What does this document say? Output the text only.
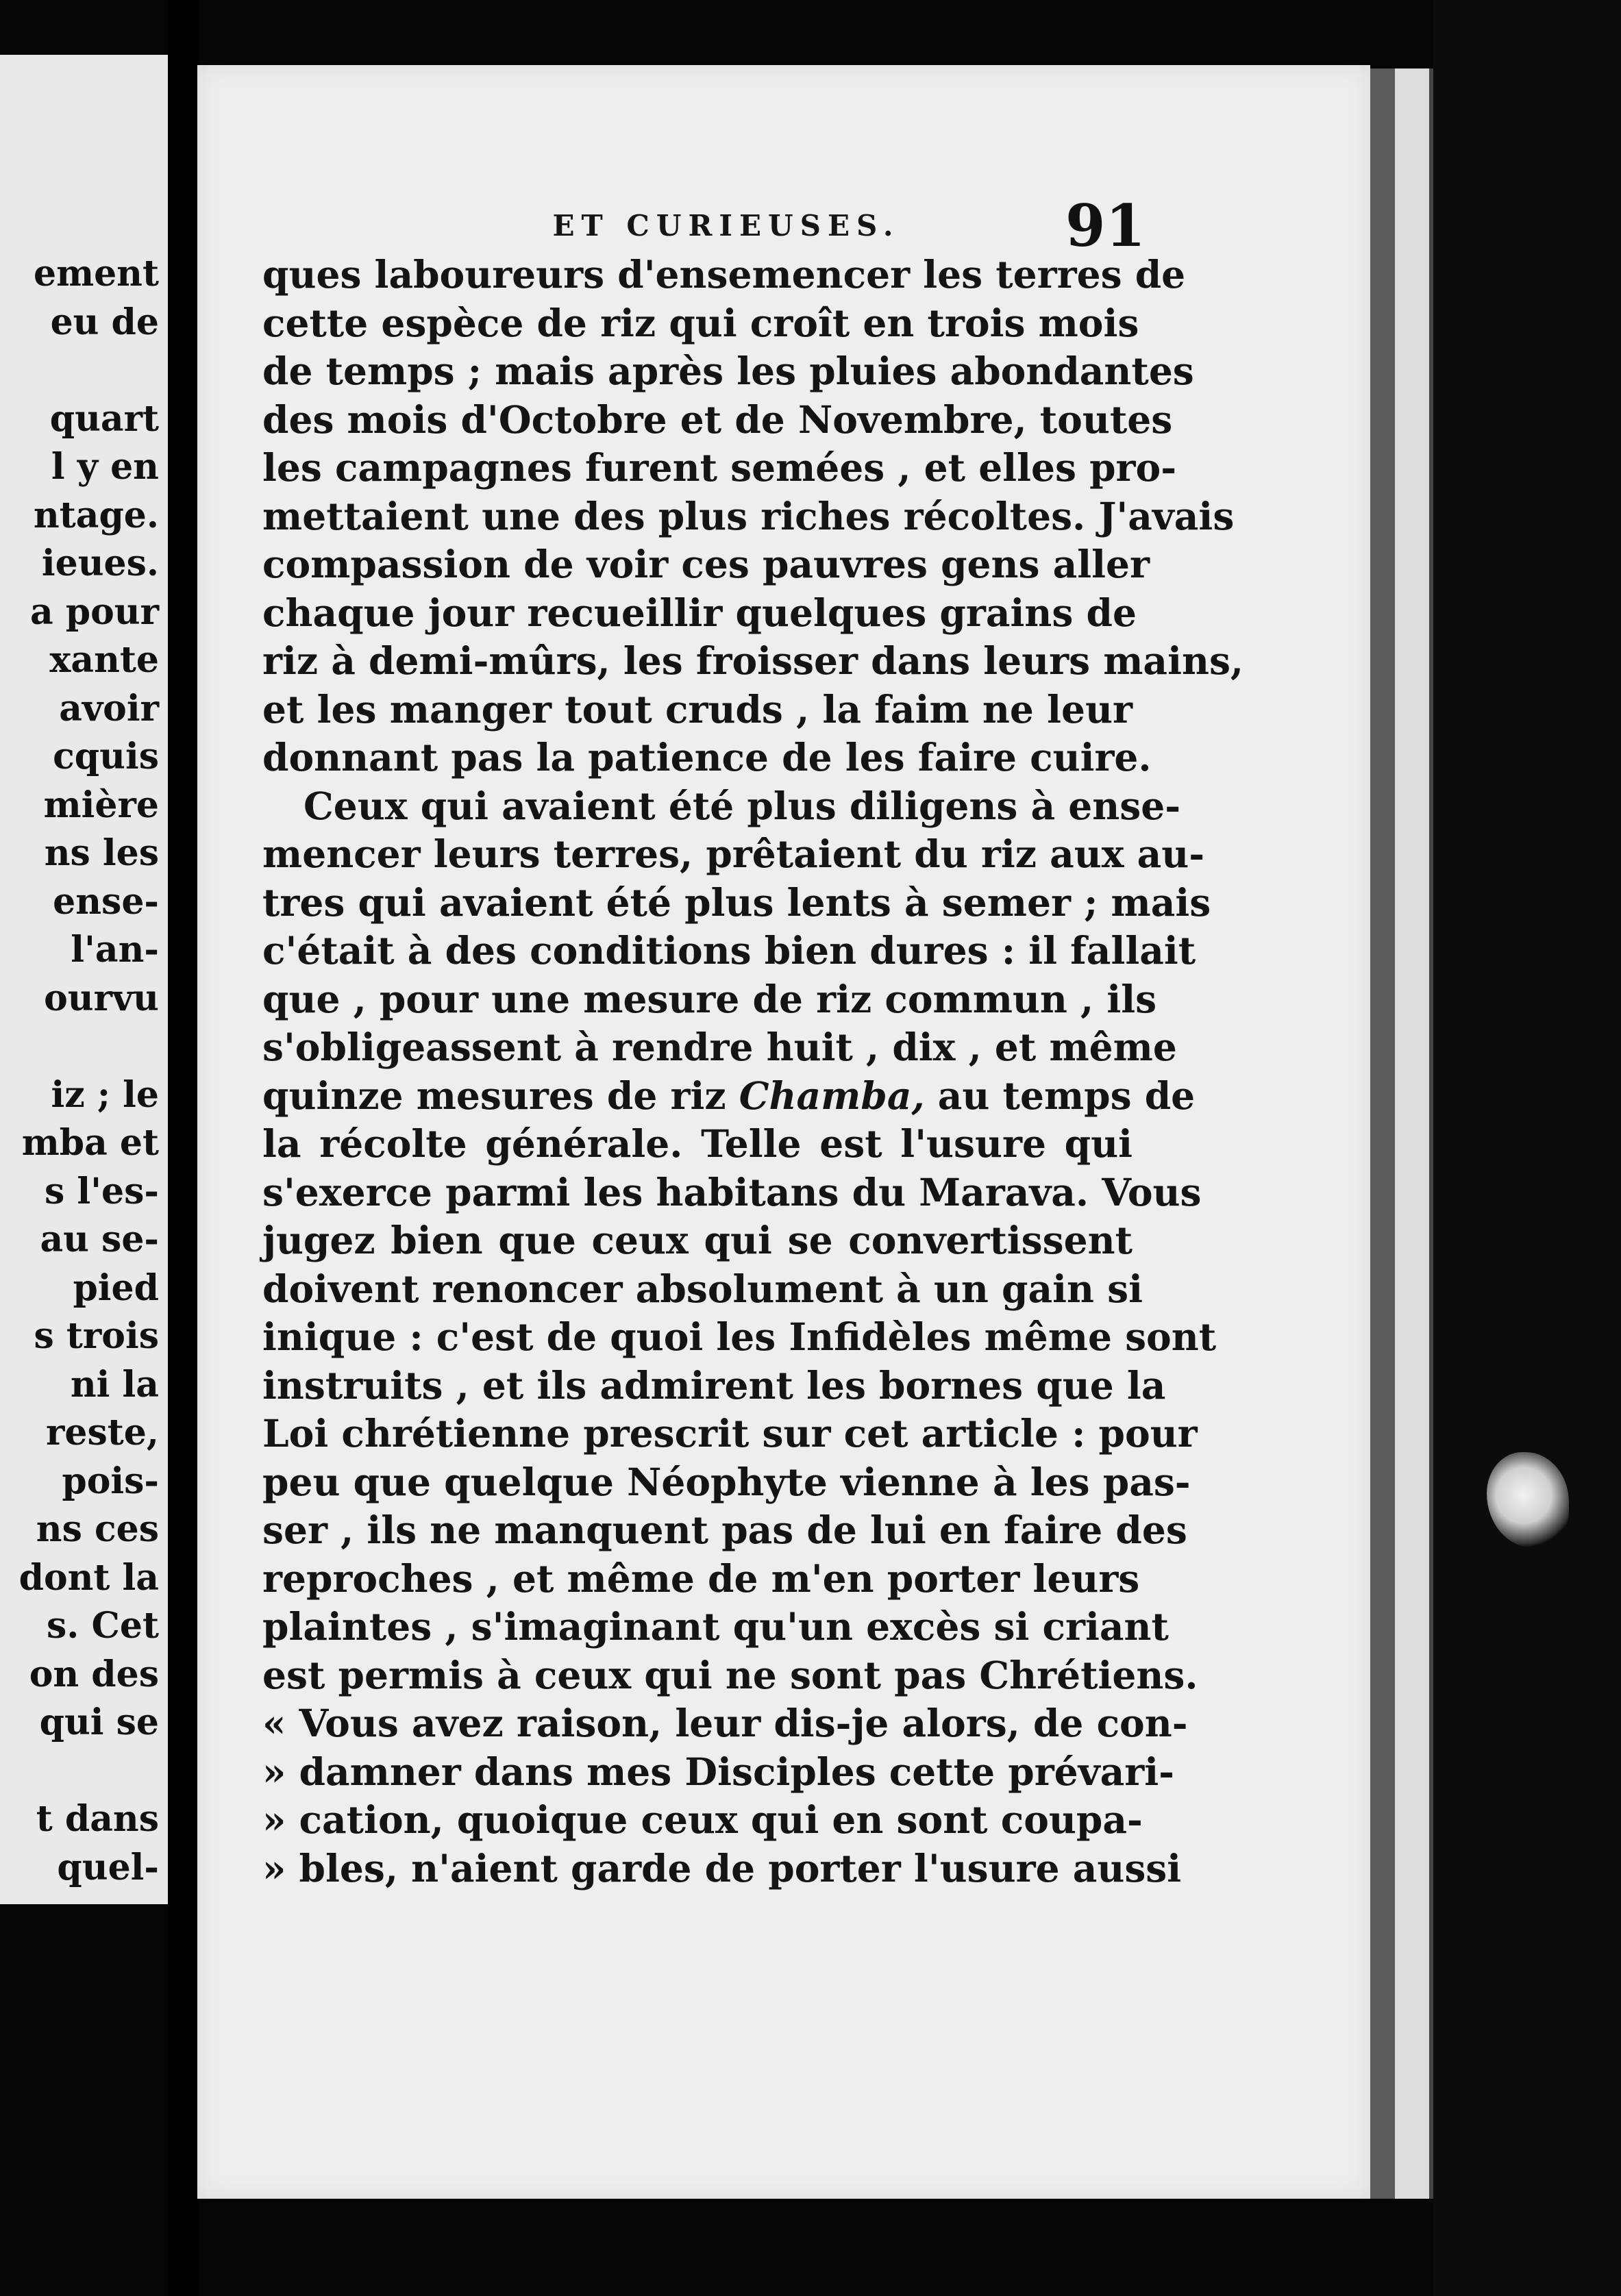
ement
eu de
quart
l y en
ntage.
ieues.
a pour
xante
avoir
cquis
mière
ns les
ense-
l'an-
ourvu
iz ; le
mba et
s l'es-
au se-
pied
s trois
ni la
reste,
pois-
ns ces
dont la
s. Cet
on des
qui se
t dans
quel-
ET CURIEUSES.	91
ques laboureurs d'ensemencer les terres de
cette espèce de riz qui croît en trois mois
de temps ; mais après les pluies abondantes
des mois d'Octobre et de Novembre, toutes
les campagnes furent semées , et elles pro-
mettaient une des plus riches récoltes. J'avais
compassion de voir ces pauvres gens aller
chaque jour recueillir quelques grains de
riz à demi-mûrs, les froisser dans leurs mains,
et les manger tout cruds , la faim ne leur
donnant pas la patience de les faire cuire.
Ceux qui avaient été plus diligens à ense-
mencer leurs terres, prêtaient du riz aux au-
tres qui avaient été plus lents à semer ; mais
c'était à des conditions bien dures : il fallait
que , pour une mesure de riz commun , ils
s'obligeassent à rendre huit , dix , et même
quinze mesures de riz Chamba, au temps de
la récolte générale. Telle est l'usure qui
s'exerce parmi les habitans du Marava. Vous
jugez bien que ceux qui se convertissent
doivent renoncer absolument à un gain si
inique : c'est de quoi les Infidèles même sont
instruits , et ils admirent les bornes que la
Loi chrétienne prescrit sur cet article : pour
peu que quelque Néophyte vienne à les pas-
ser , ils ne manquent pas de lui en faire des
reproches , et même de m'en porter leurs
plaintes , s'imaginant qu'un excès si criant
est permis à ceux qui ne sont pas Chrétiens.
« Vous avez raison, leur dis-je alors, de con-
» damner dans mes Disciples cette prévari-
» cation, quoique ceux qui en sont coupa-
» bles, n'aient garde de porter l'usure aussi
